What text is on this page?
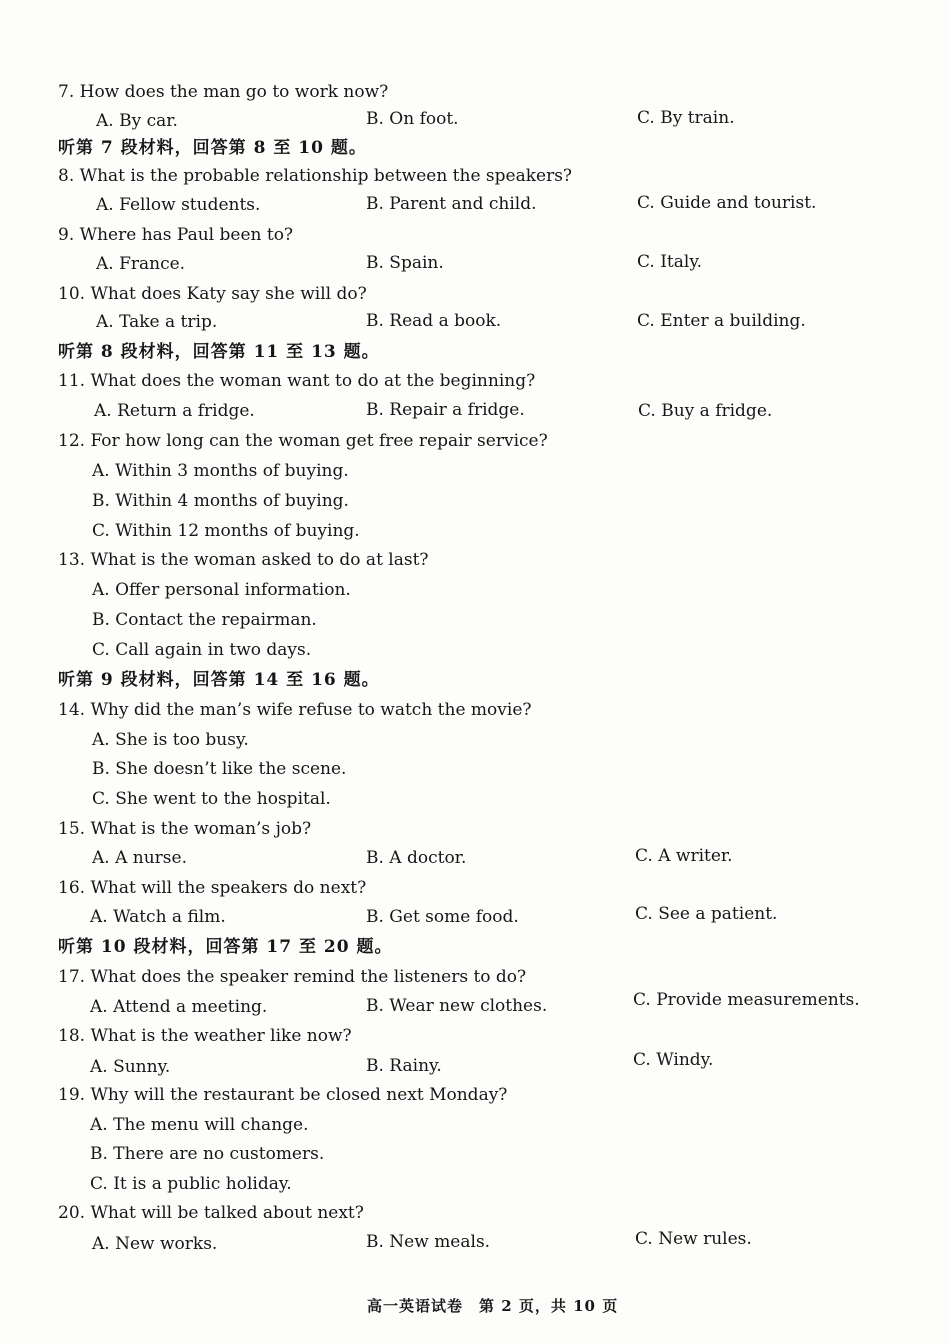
7. How does the man go to work now?
A. By car.	B. On foot.	C. By train.
听第 7 段材料，回答第 8 至 10 题。
8. What is the probable relationship between the speakers?
A. Fellow students.	B. Parent and child.	C. Guide and tourist.
9. Where has Paul been to?
A. France.	B. Spain.	C. Italy.
10. What does Katy say she will do?
A. Take a trip.	B. Read a book.	C. Enter a building.
听第 8 段材料，回答第 11 至 13 题。
11. What does the woman want to do at the beginning?
A. Return a fridge.	B. Repair a fridge.	C. Buy a fridge.
12. For how long can the woman get free repair service?
A. Within 3 months of buying.
B. Within 4 months of buying.
C. Within 12 months of buying.
13. What is the woman asked to do at last?
A. Offer personal information.
B. Contact the repairman.
C. Call again in two days.
听第 9 段材料，回答第 14 至 16 题。
14. Why did the man’s wife refuse to watch the movie?
A. She is too busy.
B. She doesn’t like the scene.
C. She went to the hospital.
15. What is the woman’s job?
A. A nurse.	B. A doctor.	C. A writer.
16. What will the speakers do next?
A. Watch a film.	B. Get some food.	C. See a patient.
听第 10 段材料，回答第 17 至 20 题。
17. What does the speaker remind the listeners to do?
A. Attend a meeting.	B. Wear new clothes.	C. Provide measurements.
18. What is the weather like now?
A. Sunny.	B. Rainy.	C. Windy.
19. Why will the restaurant be closed next Monday?
A. The menu will change.
B. There are no customers.
C. It is a public holiday.
20. What will be talked about next?
A. New works.	B. New meals.	C. New rules.
高一英语试卷　第 2 页，共 10 页
